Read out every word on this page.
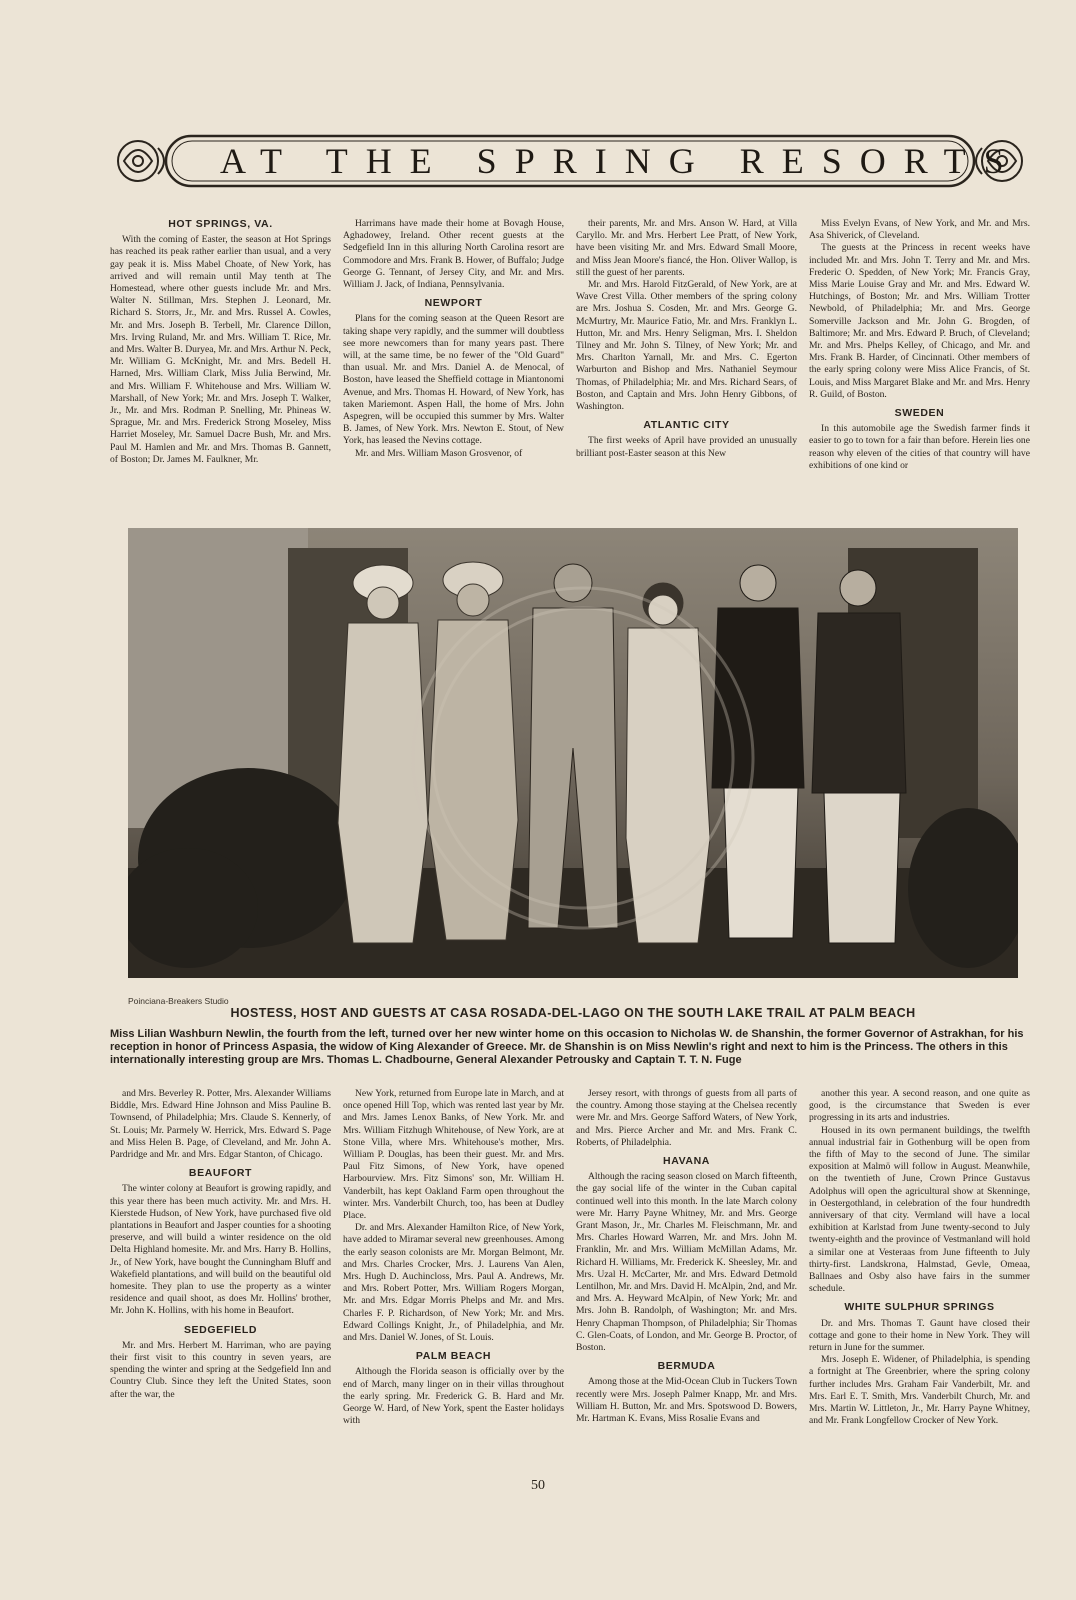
AT THE SPRING RESORTS
HOT SPRINGS, VA.

With the coming of Easter, the season at Hot Springs has reached its peak rather earlier than usual, and a very gay peak it is. Miss Mabel Choate, of New York, has arrived and will remain until May tenth at The Homestead, where other guests include Mr. and Mrs. Walter N. Stillman, Mrs. Stephen J. Leonard, Mr. Richard S. Storrs, Jr., Mr. and Mrs. Russel A. Cowles, Mr. and Mrs. Joseph B. Terbell, Mr. Clarence Dillon, Mrs. Irving Ruland, Mr. and Mrs. William T. Rice, Mr. and Mrs. Walter B. Duryea, Mr. and Mrs. Arthur N. Peck, Mr. William G. McKnight, Mr. and Mrs. Bedell H. Harned, Mrs. William Clark, Miss Julia Berwind, Mr. and Mrs. William F. Whitehouse and Mrs. William W. Marshall, of New York; Mr. and Mrs. Joseph T. Walker, Jr., Mr. and Mrs. Rodman P. Snelling, Mr. Phineas W. Sprague, Mr. and Mrs. Frederick Strong Moseley, Miss Harriet Moseley, Mr. Samuel Dacre Bush, Mr. and Mrs. Paul M. Hamlen and Mr. and Mrs. Thomas B. Gannett, of Boston; Dr. James M. Faulkner, Mr.

Harrimans have made their home at Bovagh House, Aghadowey, Ireland. Other recent guests at the Sedgefield Inn in this alluring North Carolina resort are Commodore and Mrs. Frank B. Hower, of Buffalo; Judge George G. Tennant, of Jersey City, and Mr. and Mrs. William J. Jack, of Indiana, Pennsylvania.

NEWPORT

Plans for the coming season at the Queen Resort are taking shape very rapidly, and the summer will doubtless see more newcomers than for many years past. There will, at the same time, be no fewer of the "Old Guard" than usual. Mr. and Mrs. Daniel A. de Menocal, of Boston, have leased the Sheffield cottage in Miantonomi Avenue, and Mrs. Thomas H. Howard, of New York, has taken Mariemont. Aspen Hall, the home of Mrs. John Aspegren, will be occupied this summer by Mrs. Walter B. James, of New York. Mrs. Newton E. Stout, of New York, has leased the Nevins cottage.

Mr. and Mrs. William Mason Grosvenor, of

their parents, Mr. and Mrs. Anson W. Hard, at Villa Caryllo. Mr. and Mrs. Herbert Lee Pratt, of New York, have been visiting Mr. and Mrs. Edward Small Moore, and Miss Jean Moore's fiancé, the Hon. Oliver Wallop, is still the guest of her parents.

Mr. and Mrs. Harold FitzGerald, of New York, are at Wave Crest Villa. Other members of the spring colony are Mrs. Joshua S. Cosden, Mr. and Mrs. George G. McMurtry, Mr. Maurice Fatio, Mr. and Mrs. Franklyn L. Hutton, Mr. and Mrs. Henry Seligman, Mrs. I. Sheldon Tilney and Mr. John S. Tilney, of New York; Mr. and Mrs. Charlton Yarnall, Mr. and Mrs. C. Egerton Warburton and Bishop and Mrs. Nathaniel Seymour Thomas, of Philadelphia; Mr. and Mrs. Richard Sears, of Boston, and Captain and Mrs. John Henry Gibbons, of Washington.

ATLANTIC CITY

The first weeks of April have provided an unusually brilliant post-Easter season at this New

Miss Evelyn Evans, of New York, and Mr. and Mrs. Asa Shiverick, of Cleveland.

The guests at the Princess in recent weeks have included Mr. and Mrs. John T. Terry and Mr. and Mrs. Frederic O. Spedden, of New York; Mr. Francis Gray, Miss Marie Louise Gray and Mr. and Mrs. Edward W. Hutchings, of Boston; Mr. and Mrs. William Trotter Newbold, of Philadelphia; Mr. and Mrs. George Somerville Jackson and Mr. John G. Brogden, of Baltimore; Mr. and Mrs. Edward P. Bruch, of Cleveland; Mr. and Mrs. Phelps Kelley, of Chicago, and Mr. and Mrs. Frank B. Harder, of Cincinnati. Other members of the early spring colony were Miss Alice Francis, of St. Louis, and Miss Margaret Blake and Mr. and Mrs. Henry R. Guild, of Boston.

SWEDEN

In this automobile age the Swedish farmer finds it easier to go to town for a fair than before. Herein lies one reason why eleven of the cities of that country will have exhibitions of one kind or

Poinciana-Breakers Studio
HOSTESS, HOST AND GUESTS AT CASA ROSADA-DEL-LAGO ON THE SOUTH LAKE TRAIL AT PALM BEACH
Miss Lilian Washburn Newlin, the fourth from the left, turned over her new winter home on this occasion to Nicholas W. de Shanshin, the former Governor of Astrakhan, for his reception in honor of Princess Aspasia, the widow of King Alexander of Greece. Mr. de Shanshin is on Miss Newlin's right and next to him is the Princess. The others in this internationally interesting group are Mrs. Thomas L. Chadbourne, General Alexander Petrousky and Captain T. T. N. Fuge

and Mrs. Beverley R. Potter, Mrs. Alexander Williams Biddle, Mrs. Edward Hine Johnson and Miss Pauline B. Townsend, of Philadelphia; Mrs. Claude S. Kennerly, of St. Louis; Mr. Parmely W. Herrick, Mrs. Edward S. Page and Miss Helen B. Page, of Cleveland, and Mr. John A. Pardridge and Mr. and Mrs. Edgar Stanton, of Chicago.

BEAUFORT

The winter colony at Beaufort is growing rapidly, and this year there has been much activity. Mr. and Mrs. H. Kierstede Hudson, of New York, have purchased five old plantations in Beaufort and Jasper counties for a shooting preserve, and will build a winter residence on the old Delta Highland homesite. Mr. and Mrs. Harry B. Hollins, Jr., of New York, have bought the Cunningham Bluff and Wakefield plantations, and will build on the beautiful old homesite. They plan to use the property as a winter residence and quail shoot, as does Mr. Hollins' brother, Mr. John K. Hollins, with his home in Beaufort.

SEDGEFIELD

Mr. and Mrs. Herbert M. Harriman, who are paying their first visit to this country in seven years, are spending the winter and spring at the Sedgefield Inn and Country Club. Since they left the United States, soon after the war, the

New York, returned from Europe late in March, and at once opened Hill Top, which was rented last year by Mr. and Mrs. James Lenox Banks, of New York. Mr. and Mrs. William Fitzhugh Whitehouse, of New York, are at Stone Villa, where Mrs. Whitehouse's mother, Mrs. William P. Douglas, has been their guest. Mr. and Mrs. Paul Fitz Simons, of New York, have opened Harbourview. Mrs. Fitz Simons' son, Mr. William H. Vanderbilt, has kept Oakland Farm open throughout the winter. Mrs. Vanderbilt Church, too, has been at Dudley Place.

Dr. and Mrs. Alexander Hamilton Rice, of New York, have added to Miramar several new greenhouses. Among the early season colonists are Mr. Morgan Belmont, Mr. and Mrs. Charles Crocker, Mrs. J. Laurens Van Alen, Mrs. Hugh D. Auchincloss, Mrs. Paul A. Andrews, Mr. and Mrs. Robert Potter, Mrs. William Rogers Morgan, Mr. and Mrs. Edgar Morris Phelps and Mr. and Mrs. Charles F. P. Richardson, of New York; Mr. and Mrs. Edward Collings Knight, Jr., of Philadelphia, and Mr. and Mrs. Daniel W. Jones, of St. Louis.

PALM BEACH

Although the Florida season is officially over by the end of March, many linger on in their villas throughout the early spring. Mr. Frederick G. B. Hard and Mr. George W. Hard, of New York, spent the Easter holidays with

Jersey resort, with throngs of guests from all parts of the country. Among those staying at the Chelsea recently were Mr. and Mrs. George Safford Waters, of New York, and Mrs. Pierce Archer and Mr. and Mrs. Frank C. Roberts, of Philadelphia.

HAVANA

Although the racing season closed on March fifteenth, the gay social life of the winter in the Cuban capital continued well into this month. In the late March colony were Mr. Harry Payne Whitney, Mr. and Mrs. George Grant Mason, Jr., Mr. Charles M. Fleischmann, Mr. and Mrs. Charles Howard Warren, Mr. and Mrs. John M. Franklin, Mr. and Mrs. William McMillan Adams, Mr. Richard H. Williams, Mr. Frederick K. Sheesley, Mr. and Mrs. Uzal H. McCarter, Mr. and Mrs. Edward Detmold Lentilhon, Mr. and Mrs. David H. McAlpin, 2nd, and Mr. and Mrs. A. Heyward McAlpin, of New York; Mr. and Mrs. John B. Randolph, of Washington; Mr. and Mrs. Henry Chapman Thompson, of Philadelphia; Sir Thomas C. Glen-Coats, of London, and Mr. George B. Proctor, of Boston.

BERMUDA

Among those at the Mid-Ocean Club in Tuckers Town recently were Mrs. Joseph Palmer Knapp, Mr. and Mrs. William H. Button, Mr. and Mrs. Spotswood D. Bowers, Mr. Hartman K. Evans, Miss Rosalie Evans and

another this year. A second reason, and one quite as good, is the circumstance that Sweden is ever progressing in its arts and industries.

Housed in its own permanent buildings, the twelfth annual industrial fair in Gothenburg will be open from the fifth of May to the second of June. The similar exposition at Malmö will follow in August. Meanwhile, on the twentieth of June, Crown Prince Gustavus Adolphus will open the agricultural show at Skenninge, in Oestergothland, in celebration of the four hundredth anniversary of that city. Vermland will have a local exhibition at Karlstad from June twenty-second to July twenty-eighth and the province of Vestmanland will hold a similar one at Vesteraas from June fifteenth to July thirty-first. Landskrona, Halmstad, Gevle, Omeaa, Ballnaes and Osby also have fairs in the summer schedule.

WHITE SULPHUR SPRINGS

Dr. and Mrs. Thomas T. Gaunt have closed their cottage and gone to their home in New York. They will return in June for the summer.

Mrs. Joseph E. Widener, of Philadelphia, is spending a fortnight at The Greenbrier, where the spring colony further includes Mrs. Graham Fair Vanderbilt, Mr. and Mrs. Earl E. T. Smith, Mrs. Vanderbilt Church, Mr. and Mrs. Martin W. Littleton, Jr., Mr. Harry Payne Whitney, and Mr. Frank Longfellow Crocker of New York.

50
